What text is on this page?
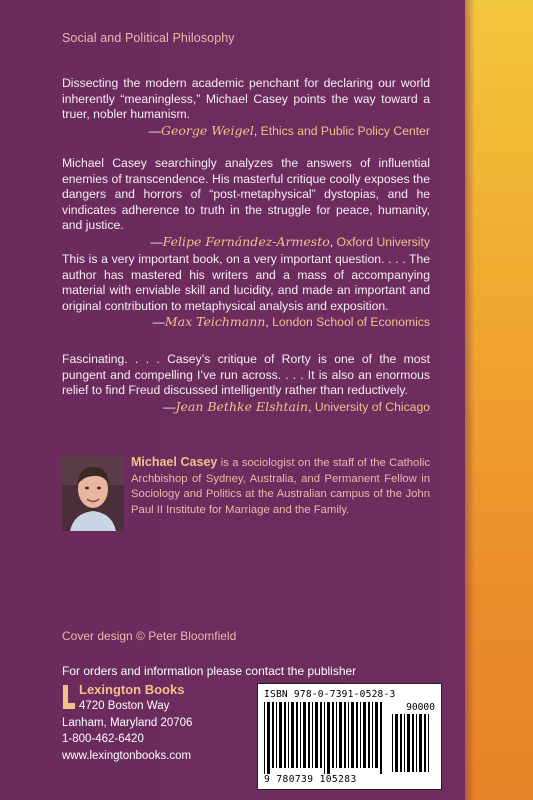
Social and Political Philosophy
Dissecting the modern academic penchant for declaring our world inherently “meaningless,” Michael Casey points the way toward a truer, nobler humanism.
—George Weigel, Ethics and Public Policy Center
Michael Casey searchingly analyzes the answers of influential enemies of transcendence. His masterful critique coolly exposes the dangers and horrors of “post-metaphysical” dystopias, and he vindicates adherence to truth in the struggle for peace, humanity, and justice.
—Felipe Fernández-Armesto, Oxford University
This is a very important book, on a very important question. . . . The author has mastered his writers and a mass of accompanying material with enviable skill and lucidity, and made an important and original contribution to metaphysical analysis and exposition.
—Max Teichmann, London School of Economics
Fascinating. . . . Casey’s critique of Rorty is one of the most pungent and compelling I’ve run across. . . . It is also an enormous relief to find Freud discussed intelligently rather than reductively.
—Jean Bethke Elshtain, University of Chicago
Michael Casey is a sociologist on the staff of the Catholic Archbishop of Sydney, Australia, and Permanent Fellow in Sociology and Politics at the Australian campus of the John Paul II Institute for Marriage and the Family.
Cover design © Peter Bloomfield
For orders and information please contact the publisher
Lexington Books
4720 Boston Way
Lanham, Maryland 20706
1-800-462-6420
www.lexingtonbooks.com
ISBN 978-0-7391-0528-3
90000
9 780739 105283
